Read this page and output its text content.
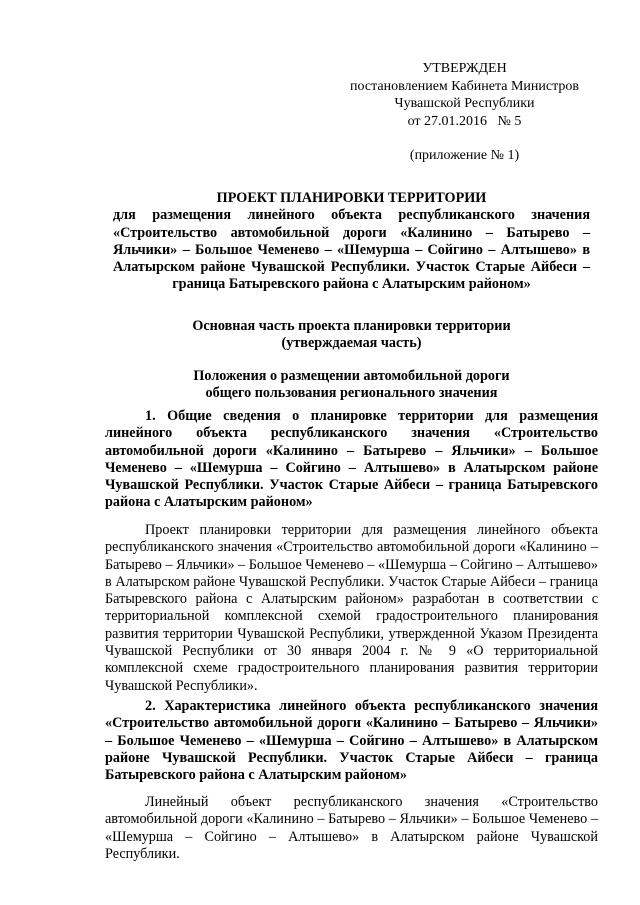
УТВЕРЖДЕН
постановлением Кабинета Министров
Чувашской Республики
от 27.01.2016   № 5
(приложение № 1)

ПРОЕКТ ПЛАНИРОВКИ ТЕРРИТОРИИ

для размещения линейного объекта республиканского значения «Строительство автомобильной дороги «Калинино – Батырево – Яльчики» – Большое Чеменево – «Шемурша – Сойгино – Алтышево» в Алатырском районе Чувашской Республики. Участок Старые Айбеси – граница Батыревского района с Алатырским районом»

Основная часть проекта планировки территории

(утверждаемая часть)

Положения о размещении автомобильной дороги

общего пользования регионального значения

1. Общие сведения о планировке территории для размещения линейного объекта республиканского значения «Строительство автомобильной дороги «Калинино – Батырево – Яльчики» – Большое Чеменево – «Шемурша – Сойгино – Алтышево» в Алатырском районе Чувашской Республики. Участок Старые Айбеси – граница Батыревского района с Алатырским районом»

Проект планировки территории для размещения линейного объекта республиканского значения «Строительство автомобильной дороги «Калинино – Батырево – Яльчики» – Большое Чеменево – «Шемурша – Сойгино – Алтышево» в Алатырском районе Чувашской Республики. Участок Старые Айбеси – граница Батыревского района с Алатырским районом» разработан в соответствии с территориальной комплексной схемой градостроительного планирования развития территории Чувашской Республики, утвержденной Указом Президента Чувашской Республики от 30 января 2004 г. № 9 «О территориальной комплексной схеме градостроительного планирования развития территории Чувашской Республики».

2. Характеристика линейного объекта республиканского значения «Строительство автомобильной дороги «Калинино – Батырево – Яльчики» – Большое Чеменево – «Шемурша – Сойгино – Алтышево» в Алатырском районе Чувашской Республики. Участок Старые Айбеси – граница Батыревского района с Алатырским районом»

Линейный объект республиканского значения «Строительство автомобильной дороги «Калинино – Батырево – Яльчики» – Большое Чеменево – «Шемурша – Сойгино – Алтышево» в Алатырском районе Чувашской Республики.
